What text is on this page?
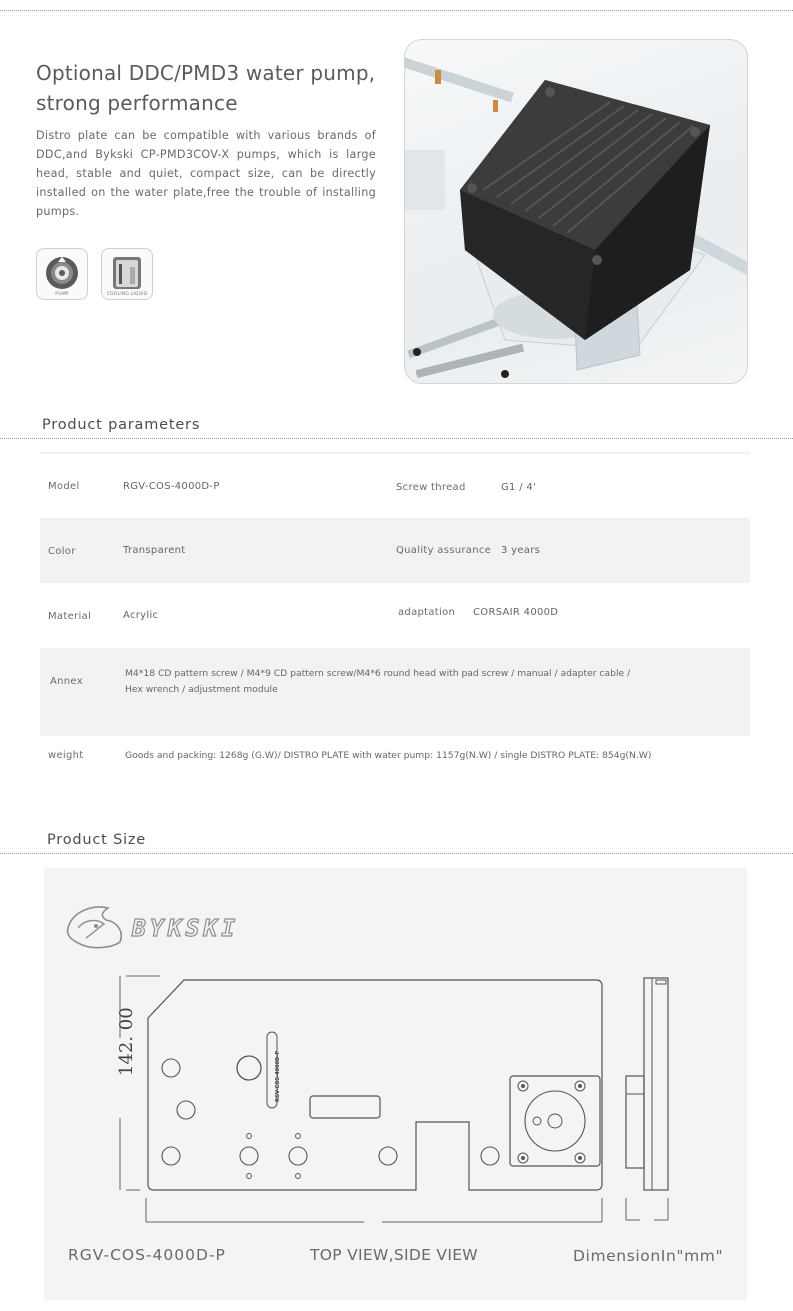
Optional DDC/PMD3 water pump,
strong performance
Distro plate can be compatible with various brands of DDC,and Bykski CP-PMD3COV-X pumps, which is large head, stable and quiet, compact size, can be directly installed on the water plate,free the trouble of installing pumps.
PUMP	COOLING LIQUID
Product parameters
Model	RGV-COS-4000D-P	Screw thread	G1 / 4'
Color	Transparent	Quality assurance 3 years
Material	Acrylic	adaptation CORSAIR 4000D
Annex
M4*18 CD pattern screw / M4*9 CD pattern screw/M4*6 round head with pad screw / manual / adapter cable /
Hex wrench / adjustment module
weight	Goods and packing: 1268g (G.W)/ DISTRO PLATE with water pump: 1157g(N.W) / single DISTRO PLATE: 854g(N.W)
Product Size
BYKSKI
142. 00
RGV-COS-4000D-P
RGV-COS-4000D-P	TOP VIEW,SIDE VIEW	DimensionIn"mm"
